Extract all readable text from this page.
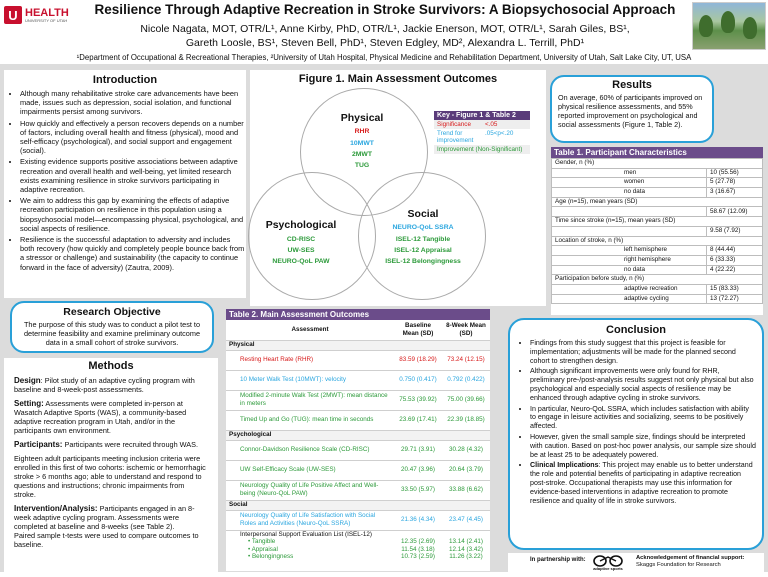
U HEALTH
UNIVERSITY OF UTAH
Resilience Through Adaptive Recreation in Stroke Survivors: A Biopsychosocial Approach
Nicole Nagata, MOT, OTR/L¹, Anne Kirby, PhD, OTR/L¹, Jackie Enerson, MOT, OTR/L¹, Sarah Giles, BS¹,
Gareth Loosle, BS¹, Steven Bell, PhD¹, Steven Edgley, MD², Alexandra L. Terrill, PhD¹
¹Department of Occupational & Recreational Therapies, ²University of Utah Hospital, Physical Medicine and Rehabilitation Department, University of Utah, Salt Lake City, UT, USA
Introduction
• Although many rehabilitative stroke care advancements have been made, issues such as depression, social isolation, and functional impairments persist among survivors.
• How quickly and effectively a person recovers depends on a number of factors, including overall health and fitness (physical), mood and self-efficacy (psychological), and social support and engagement (social).
• Existing evidence supports positive associations between adaptive recreation and overall health and well-being, yet limited research exists examining resilience in stroke survivors participating in adaptive recreation.
• We aim to address this gap by examining the effects of adaptive recreation participation on resilience in this population using a biopsychosocial model—encompassing physical, psychological, and social aspects of resilience.
• Resilience is the successful adaptation to adversity and includes both recovery (how quickly and completely people bounce back from a stressor or challenge) and sustainability (the capacity to continue forward in the face of adversity) (Zautra, 2009).
Research Objective

The purpose of this study was to conduct a pilot test to determine feasibility and examine preliminary outcome data in a small cohort of stroke survivors.

Methods

Design: Pilot study of an adaptive cycling program with baseline and 8-week-post assessments.

Setting: Assessments were completed in-person at Wasatch Adaptive Sports (WAS), a community-based adaptive recreation program in Utah, and/or in the participants own environment.

Participants: Participants were recruited through WAS.

Eighteen adult participants meeting inclusion criteria were enrolled in this first of two cohorts: ischemic or hemorrhagic stroke > 6 months ago; able to understand and respond to questions and instructions; chronic impairments from stroke.

Intervention/Analysis: Participants engaged in an 8-week adaptive cycling program. Assessments were completed at baseline and 8-weeks (see Table 2).

Paired sample t-tests were used to compare outcomes to baseline.

Figure 1. Main Assessment Outcomes
Physical
RHR
10MWT
2MWT
TUG
Psychological
CD-RISC
UW-SES
NEURO-QoL PAW
Social
NEURO-QoL SSRA
ISEL-12 Tangible
ISEL-12 Appraisal
ISEL-12 Belongingness
Key - Figure 1 & Table 2
Significance	<.05
Trend for improvement
.05<p<.20
Improvement (Non-Significant)
Results

On average, 60% of participants improved on physical resilience assessments, and 55% reported improvement on psychological and social assessments (Figure 1, Table 2).

Table 1. Participant Characteristics
Gender, n (%)	
men	10 (55.56)
women	5 (27.78)
no data	3 (16.67)
Age (n=15), mean years (SD)	
	58.67 (12.09)
Time since stroke (n=15), mean years (SD)	
	9.58 (7.92)
Location of stroke, n (%)	
left hemisphere	8 (44.44)
right hemisphere	6 (33.33)
no data	4 (22.22)
Participation before study, n (%)	
adaptive recreation	15 (83.33)
adaptive cycling	13 (72.27)
Table 2. Main Assessment Outcomes
Assessment	Baseline Mean (SD)	8-Week Mean (SD)
Physical		
Resting Heart Rate (RHR)	83.59 (18.29)	73.24 (12.15)
10 Meter Walk Test (10MWT): velocity	0.750 (0.417)	0.792 (0.422)
Modified 2-minute Walk Test (2MWT): mean distance in meters	75.53 (39.92)	75.00 (39.66)
Timed Up and Go (TUG): mean time in seconds	23.69 (17.41)	22.39 (18.85)
Psychological		
Connor-Davidson Resilience Scale (CD-RISC)	29.71 (3.91)	30.28 (4.32)
UW Self-Efficacy Scale (UW-SES)	20.47 (3.96)	20.64 (3.79)
Neurology Quality of Life Positive Affect and Well-being (Neuro-QoL PAW)	33.50 (5.97)	33.88 (6.62)
Social		
Neurology Quality of Life Satisfaction with Social Roles and Activities (Neuro-QoL SSRA)	21.36 (4.34)	23.47 (4.45)
Interpersonal Support Evaluation List (ISEL-12)		
• Tangible	12.35 (2.69)	13.14 (2.41)
• Appraisal	11.54 (3.18)	12.14 (3.42)
• Belongingness	10.73 (2.59)	11.26 (3.22)
Conclusion
• Findings from this study suggest that this project is feasible for implementation; adjustments will be made for the planned second cohort to strengthen design.
• Although significant improvements were only found for RHR, preliminary pre-/post-analysis results suggest not only physical but also psychological and especially social aspects of resilience may be enhanced through adaptive cycling in stroke survivors.
• In particular, Neuro-QoL SSRA, which includes satisfaction with ability to engage in leisure activities and socializing, seems to be positively affected.
• However, given the small sample size, findings should be interpreted with caution. Based on post-hoc power analysis, our sample size should be at least 25 to be adequately powered.
• Clinical Implications: This project may enable us to better understand the role and potential benefits of participating in adaptive recreation post-stroke. Occupational therapists may use this information for evidence-based interventions in adaptive recreation to promote resilience and quality of life in stroke survivors.
In partnership with:
adaptive sports
Acknowledgement of financial support:
Skaggs Foundation for Research
